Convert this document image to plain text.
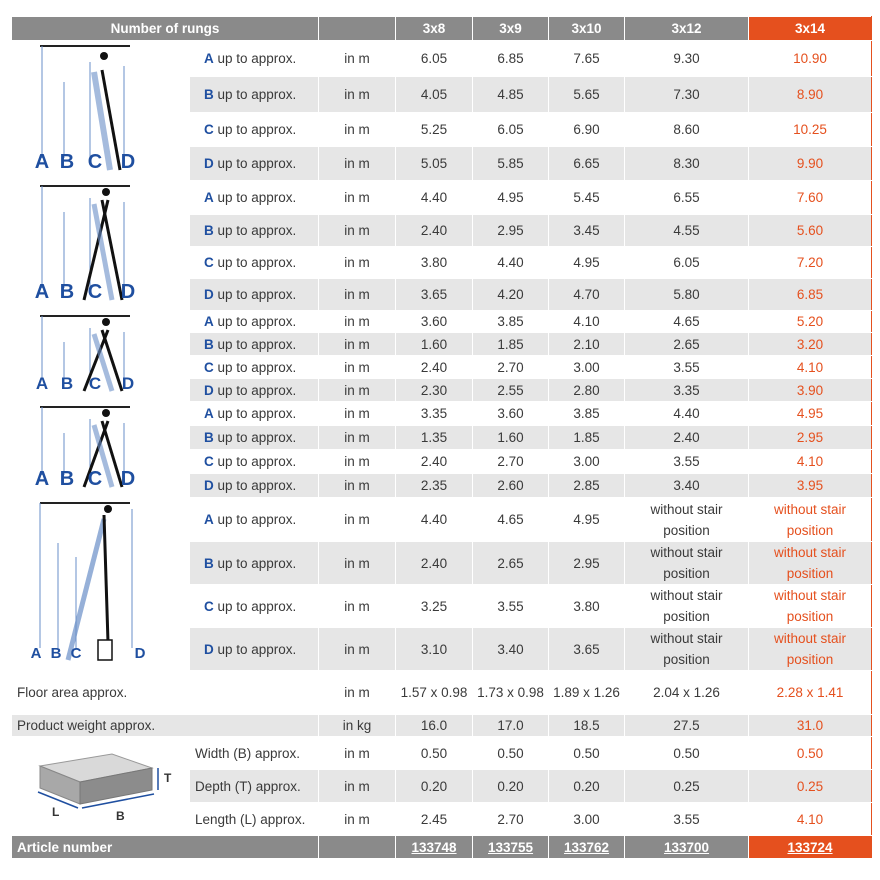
Number of rungs			3x8	3x9	3x10	3x12	3x14

A B C D	A up to approx.	in m	6.05	6.85	7.65	9.30	10.90
	B up to approx.	in m	4.05	4.85	5.65	7.30	8.90
	C up to approx.	in m	5.25	6.05	6.90	8.60	10.25
	D up to approx.	in m	5.05	5.85	6.65	8.30	9.90

A B C D	A up to approx.	in m	4.40	4.95	5.45	6.55	7.60
	B up to approx.	in m	2.40	2.95	3.45	4.55	5.60
	C up to approx.	in m	3.80	4.40	4.95	6.05	7.20
	D up to approx.	in m	3.65	4.20	4.70	5.80	6.85

A B C D	A up to approx.	in m	3.60	3.85	4.10	4.65	5.20
	B up to approx.	in m	1.60	1.85	2.10	2.65	3.20
	C up to approx.	in m	2.40	2.70	3.00	3.55	4.10
	D up to approx.	in m	2.30	2.55	2.80	3.35	3.90

A B C D	A up to approx.	in m	3.35	3.60	3.85	4.40	4.95
	B up to approx.	in m	1.35	1.60	1.85	2.40	2.95
	C up to approx.	in m	2.40	2.70	3.00	3.55	4.10
	D up to approx.	in m	2.35	2.60	2.85	3.40	3.95

A B C D	A up to approx.	in m	4.40	4.65	4.95	without stair position	without stair position
	B up to approx.	in m	2.40	2.65	2.95	without stair position	without stair position
	C up to approx.	in m	3.25	3.55	3.80	without stair position	without stair position
	D up to approx.	in m	3.10	3.40	3.65	without stair position	without stair position
Floor area approx.		in m	1.57 x 0.98	1.73 x 0.98	1.89 x 1.26	2.04 x 1.26	2.28 x 1.41
Product weight approx.		in kg	16.0	17.0	18.5	27.5	31.0

T
L B	Width (B) approx.	in m	0.50	0.50	0.50	0.50	0.50
	Depth (T) approx.	in m	0.20	0.20	0.20	0.25	0.25
	Length (L) approx.	in m	2.45	2.70	3.00	3.55	4.10
Article number			133748	133755	133762	133700	133724
